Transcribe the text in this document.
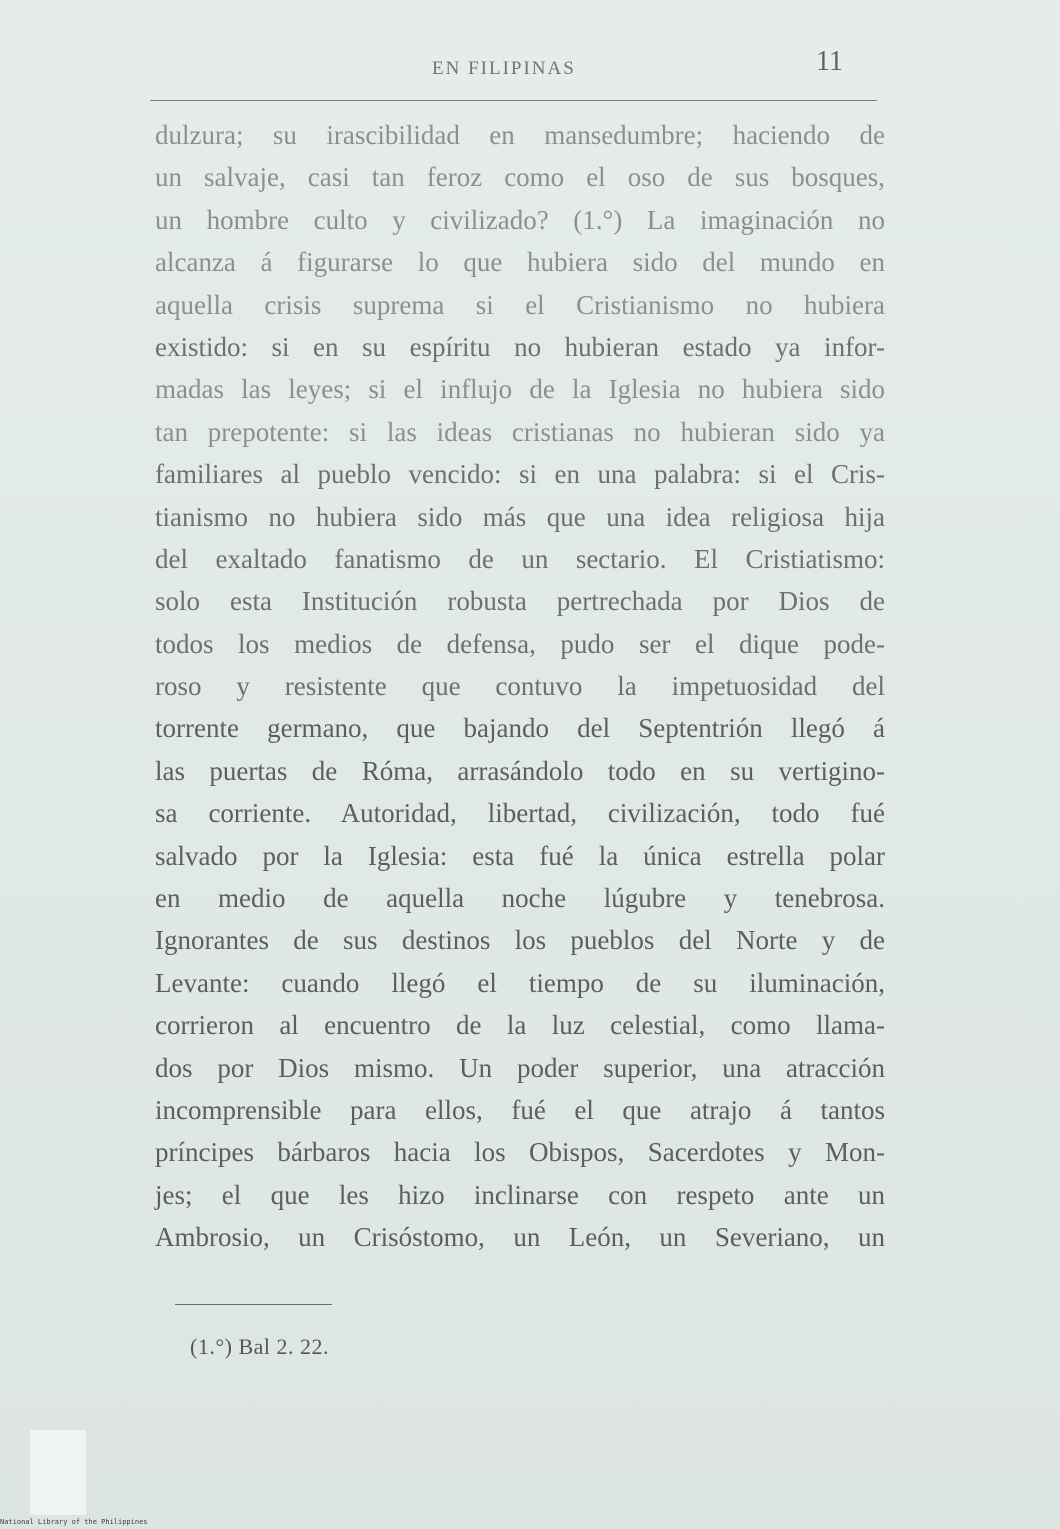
EN FILIPINAS	11
dulzura; su irascibilidad en mansedumbre; haciendo de
un salvaje, casi tan feroz como el oso de sus bosques,
un hombre culto y civilizado? (1.°) La imaginación no
alcanza á figurarse lo que hubiera sido del mundo en
aquella crisis suprema si el Cristianismo no hubiera
existido: si en su espíritu no hubieran estado ya infor-
madas las leyes; si el influjo de la Iglesia no hubiera sido
tan prepotente: si las ideas cristianas no hubieran sido ya
familiares al pueblo vencido: si en una palabra: si el Cris-
tianismo no hubiera sido más que una idea religiosa hija
del exaltado fanatismo de un sectario. El Cristiatismo:
solo esta Institución robusta pertrechada por Dios de
todos los medios de defensa, pudo ser el dique pode-
roso y resistente que contuvo la impetuosidad del
torrente germano, que bajando del Septentrión llegó á
las puertas de Róma, arrasándolo todo en su vertigino-
sa corriente. Autoridad, libertad, civilización, todo fué
salvado por la Iglesia: esta fué la única estrella polar
en medio de aquella noche lúgubre y tenebrosa.
Ignorantes de sus destinos los pueblos del Norte y de
Levante: cuando llegó el tiempo de su iluminación,
corrieron al encuentro de la luz celestial, como llama-
dos por Dios mismo. Un poder superior, una atracción
incomprensible para ellos, fué el que atrajo á tantos
príncipes bárbaros hacia los Obispos, Sacerdotes y Mon-
jes; el que les hizo inclinarse con respeto ante un
Ambrosio, un Crisóstomo, un León, un Severiano, un
(1.°) Bal 2. 22.
National Library of the Philippines
